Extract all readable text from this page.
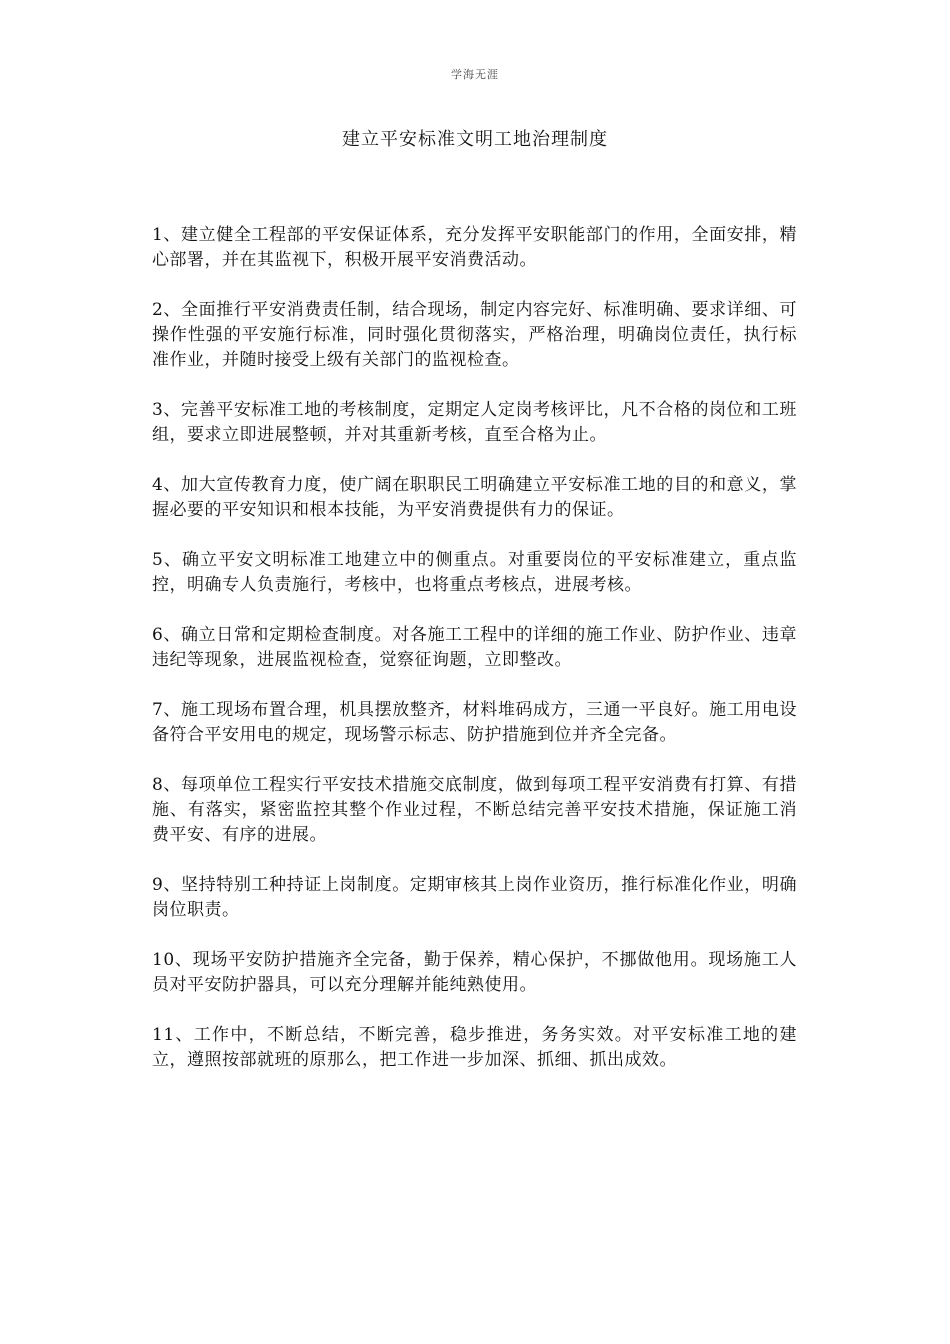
学海无涯
建立平安标准文明工地治理制度

1、建立健全工程部的平安保证体系，充分发挥平安职能部门的作用，全面安排，精心部署，并在其监视下，积极开展平安消费活动。

2、全面推行平安消费责任制，结合现场，制定内容完好、标准明确、要求详细、可操作性强的平安施行标准，同时强化贯彻落实，严格治理，明确岗位责任，执行标准作业，并随时接受上级有关部门的监视检查。

3、完善平安标准工地的考核制度，定期定人定岗考核评比，凡不合格的岗位和工班组，要求立即进展整顿，并对其重新考核，直至合格为止。

4、加大宣传教育力度，使广阔在职职民工明确建立平安标准工地的目的和意义，掌握必要的平安知识和根本技能，为平安消费提供有力的保证。

5、确立平安文明标准工地建立中的侧重点。对重要岗位的平安标准建立，重点监控，明确专人负责施行，考核中，也将重点考核点，进展考核。

6、确立日常和定期检查制度。对各施工工程中的详细的施工作业、防护作业、违章违纪等现象，进展监视检查，觉察征询题，立即整改。

7、施工现场布置合理，机具摆放整齐，材料堆码成方，三通一平良好。施工用电设备符合平安用电的规定，现场警示标志、防护措施到位并齐全完备。

8、每项单位工程实行平安技术措施交底制度，做到每项工程平安消费有打算、有措施、有落实，紧密监控其整个作业过程，不断总结完善平安技术措施，保证施工消费平安、有序的进展。

9、坚持特别工种持证上岗制度。定期审核其上岗作业资历，推行标准化作业，明确岗位职责。

10、现场平安防护措施齐全完备，勤于保养，精心保护，不挪做他用。现场施工人员对平安防护器具，可以充分理解并能纯熟使用。

11、工作中，不断总结，不断完善，稳步推进，务务实效。对平安标准工地的建立，遵照按部就班的原那么，把工作进一步加深、抓细、抓出成效。
